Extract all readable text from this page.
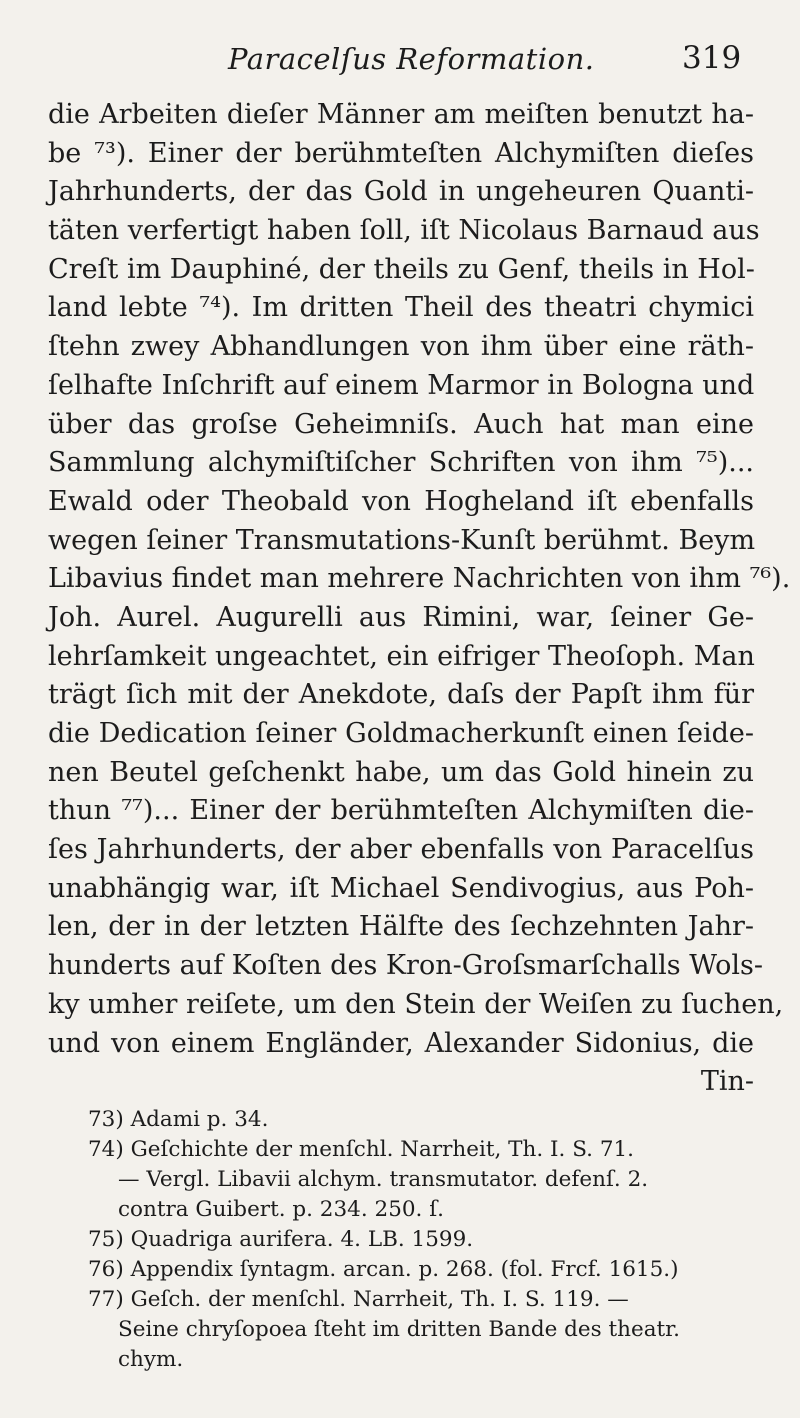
Paracelſus Reformation.	319
die Arbeiten dieſer Männer am meiſten benutzt ha-
be ⁷³). Einer der berühmteſten Alchymiſten dieſes
Jahrhunderts, der das Gold in ungeheuren Quanti-
täten verfertigt haben ſoll, iſt Nicolaus Barnaud aus
Creſt im Dauphiné, der theils zu Genf, theils in Hol-
land lebte ⁷⁴). Im dritten Theil des theatri chymici
ſtehn zwey Abhandlungen von ihm über eine räth-
ſelhafte Inſchrift auf einem Marmor in Bologna und
über das groſse Geheimniſs. Auch hat man eine
Sammlung alchymiſtiſcher Schriften von ihm ⁷⁵)...
Ewald oder Theobald von Hogheland iſt ebenfalls
wegen ſeiner Transmutations-Kunſt berühmt. Beym
Libavius findet man mehrere Nachrichten von ihm ⁷⁶).
Joh. Aurel. Augurelli aus Rimini, war, ſeiner Ge-
lehrſamkeit ungeachtet, ein eifriger Theoſoph. Man
trägt ſich mit der Anekdote, daſs der Papſt ihm für
die Dedication ſeiner Goldmacherkunſt einen ſeide-
nen Beutel geſchenkt habe, um das Gold hinein zu
thun ⁷⁷)... Einer der berühmteſten Alchymiſten die-
ſes Jahrhunderts, der aber ebenfalls von Paracelſus
unabhängig war, iſt Michael Sendivogius, aus Poh-
len, der in der letzten Hälfte des ſechzehnten Jahr-
hunderts auf Koſten des Kron-Groſsmarſchalls Wols-
ky umher reiſete, um den Stein der Weiſen zu ſuchen,
und von einem Engländer, Alexander Sidonius, die
Tin-
73) Adami p. 34.
74) Geſchichte der menſchl. Narrheit, Th. I. S. 71.
— Vergl. Libavii alchym. transmutator. defenſ. 2.
contra Guibert. p. 234. 250. ſ.
75) Quadriga aurifera. 4. LB. 1599.
76) Appendix ſyntagm. arcan. p. 268. (fol. Frcf. 1615.)
77) Geſch. der menſchl. Narrheit, Th. I. S. 119. —
Seine chryſopoea ſteht im dritten Bande des theatr.
chym.
